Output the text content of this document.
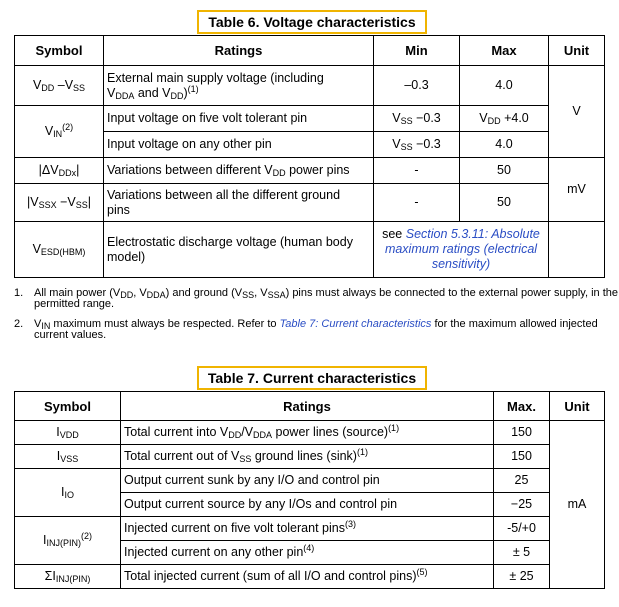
Table 6. Voltage characteristics
Symbol	Ratings	Min	Max	Unit
$V_{DD}$ $-V_{SS}$	External main supply voltage (including
$V_{DDA}$ and $V_{DD})^{(1)}$	–0.3	4.0	V
$V_{IN}^{(2)}$	Input voltage on five volt tolerant pin	$V_{SS} -0.3$	$V_{DD} +4.0$	
	Input voltage on any other pin	$V_{SS} -0.3$	4.0	
$|\Delta V_{DDx}|$	Variations between different $V_{DD}$ power pins	-	50	mV
$|V_{SSX} -V_{SS}|$	Variations between all the different ground
pins	-	50	
$V_{ESD(HBM)}$	Electrostatic discharge voltage (human body model)	see Section 5.3.11: Absolute maximum ratings (electrical sensitivity)		
1. All main power ($V_{DD}$, $V_{DDA}$) and ground ($V_{SS}$, $V_{SSA}$) pins must always be connected to the external power supply, in the permitted range.
2. $V_{IN}$ maximum must always be respected. Refer to Table 7: Current characteristics for the maximum allowed injected current values.
Table 7. Current characteristics
Symbol	Ratings	Max.	Unit
$I_{VDD}$	Total current into $V_{DD}/V_{DDA}$ power lines (source)$^{(1)}$	150	mA
$I_{VSS}$	Total current out of $V_{SS}$ ground lines $(\sin k)^{(1)}$	150	
$I_{IO}$	Output current sunk by any I/O and control pin	25	
	Output current source by any I/Os and control pin	−25	
$I_{INJ(PIN)}^{(2)}$	Injected current on five volt tolerant pins$^{(3)}$	-5/+0	
	Injected current on any other pin$^{(4)}$	± 5	
$\Sigma I_{INJ(PIN)}$	Total injected current (sum of all I/O and control pins)$^{(5)}$	± 25	
